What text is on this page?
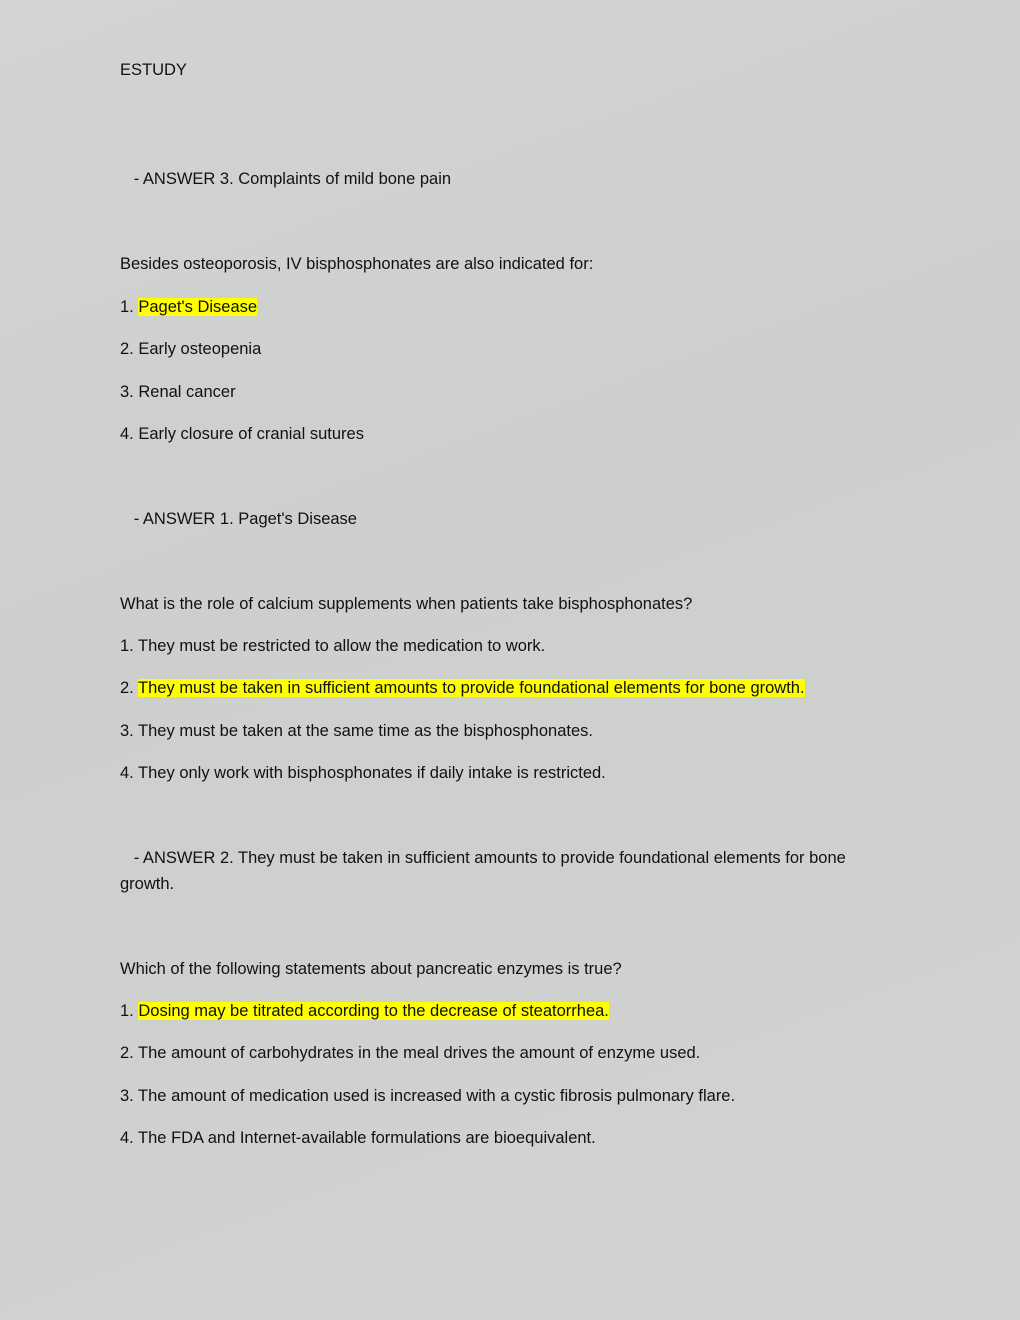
ESTUDY
- ANSWER 3. Complaints of mild bone pain
Besides osteoporosis, IV bisphosphonates are also indicated for:
1. Paget's Disease
2. Early osteopenia
3. Renal cancer
4. Early closure of cranial sutures
- ANSWER 1. Paget's Disease
What is the role of calcium supplements when patients take bisphosphonates?
1. They must be restricted to allow the medication to work.
2. They must be taken in sufficient amounts to provide foundational elements for bone growth.
3. They must be taken at the same time as the bisphosphonates.
4. They only work with bisphosphonates if daily intake is restricted.
- ANSWER 2. They must be taken in sufficient amounts to provide foundational elements for bone growth.
Which of the following statements about pancreatic enzymes is true?
1. Dosing may be titrated according to the decrease of steatorrhea.
2. The amount of carbohydrates in the meal drives the amount of enzyme used.
3. The amount of medication used is increased with a cystic fibrosis pulmonary flare.
4. The FDA and Internet-available formulations are bioequivalent.
